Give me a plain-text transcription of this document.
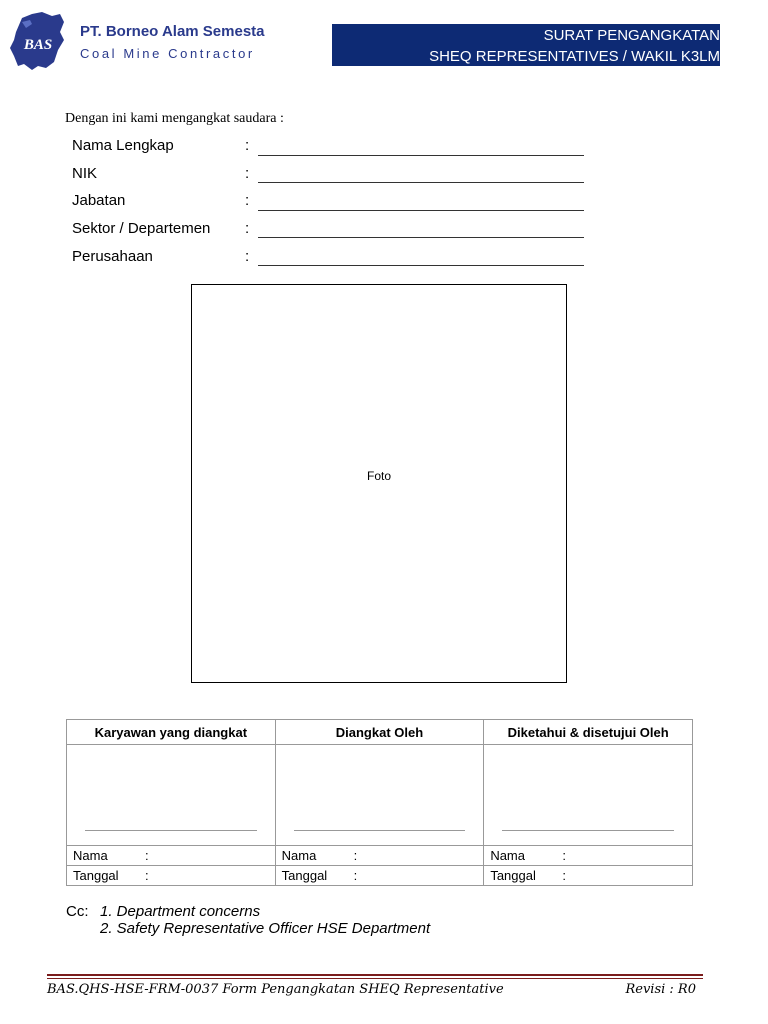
BAS
PT. Borneo Alam Semesta
Coal Mine Contractor
SURAT PENGANGKATAN
SHEQ REPRESENTATIVES / WAKIL K3LM
Dengan ini kami mengangkat saudara :
Nama Lengkap	:
NIK	:
Jabatan	:
Sektor / Departemen :
Perusahaan	:
Foto
Karyawan yang diangkat	Diangkat Oleh	Diketahui & disetujui Oleh

Nama :	Nama :	Nama :

Tanggal :	Tanggal :	Tanggal :
Cc: 1. Department concerns
2. Safety Representative Officer HSE Department
BAS.QHS-HSE-FRM-0037 Form Pengangkatan SHEQ Representative	Revisi : R0
